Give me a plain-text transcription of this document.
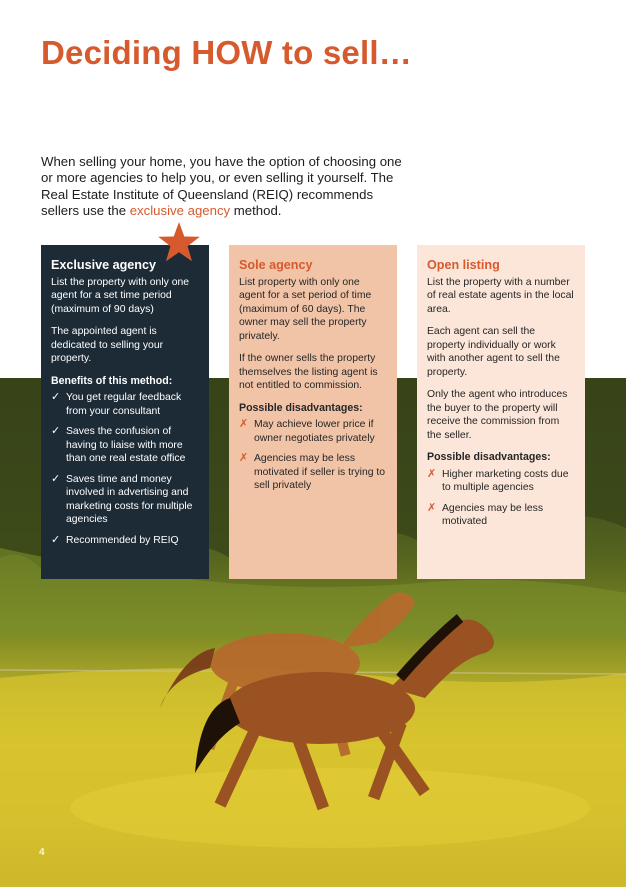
Deciding HOW to sell…

When selling your home, you have the option of choosing one or more agencies to help you, or even selling it yourself. The Real Estate Institute of Queensland (REIQ) recommends sellers use the exclusive agency method.

Exclusive agency

List the property with only one agent for a set time period (maximum of 90 days)

The appointed agent is dedicated to selling your property.

Benefits of this method:
✓ You get regular feedback from your consultant
✓ Saves the confusion of having to liaise with more than one real estate office
✓ Saves time and money involved in advertising and marketing costs for multiple agencies
✓ Recommended by REIQ
Sole agency

List property with only one agent for a set period of time (maximum of 60 days). The owner may sell the property privately.

If the owner sells the property themselves the listing agent is not entitled to commission.

Possible disadvantages:
✗ May achieve lower price if owner negotiates privately
✗ Agencies may be less motivated if seller is trying to sell privately
Open listing

List the property with a number of real estate agents in the local area.

Each agent can sell the property individually or work with another agent to sell the property.

Only the agent who introduces the buyer to the property will receive the commission from the seller.

Possible disadvantages:
✗ Higher marketing costs due to multiple agencies
✗ Agencies may be less motivated
4
